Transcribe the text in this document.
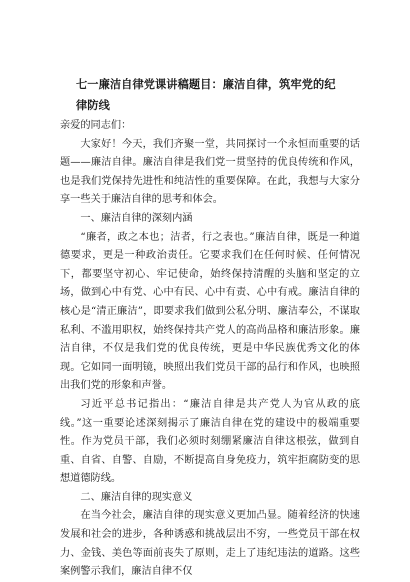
七一廉洁自律党课讲稿题目：廉洁自律，筑牢党的纪律防线

亲爱的同志们：

大家好！今天，我们齐聚一堂，共同探讨一个永恒而重要的话题——廉洁自律。廉洁自律是我们党一贯坚持的优良传统和作风，也是我们党保持先进性和纯洁性的重要保障。在此，我想与大家分享一些关于廉洁自律的思考和体会。

一、廉洁自律的深刻内涵

“廉者，政之本也；洁者，行之表也。”廉洁自律，既是一种道德要求，更是一种政治责任。它要求我们在任何时候、任何情况下，都要坚守初心、牢记使命，始终保持清醒的头脑和坚定的立场，做到心中有党、心中有民、心中有责、心中有戒。廉洁自律的核心是“清正廉洁”，即要求我们做到公私分明、廉洁奉公，不谋取私利、不滥用职权，始终保持共产党人的高尚品格和廉洁形象。廉洁自律，不仅是我们党的优良传统，更是中华民族优秀文化的体现。它如同一面明镜，映照出我们党员干部的品行和作风，也映照出我们党的形象和声誉。

习近平总书记指出：“廉洁自律是共产党人为官从政的底线。”这一重要论述深刻揭示了廉洁自律在党的建设中的极端重要性。作为党员干部，我们必须时刻绷紧廉洁自律这根弦，做到自重、自省、自警、自励，不断提高自身免疫力，筑牢拒腐防变的思想道德防线。

二、廉洁自律的现实意义

在当今社会，廉洁自律的现实意义更加凸显。随着经济的快速发展和社会的进步，各种诱惑和挑战层出不穷，一些党员干部在权力、金钱、美色等面前丧失了原则，走上了违纪违法的道路。这些案例警示我们，廉洁自律不仅
